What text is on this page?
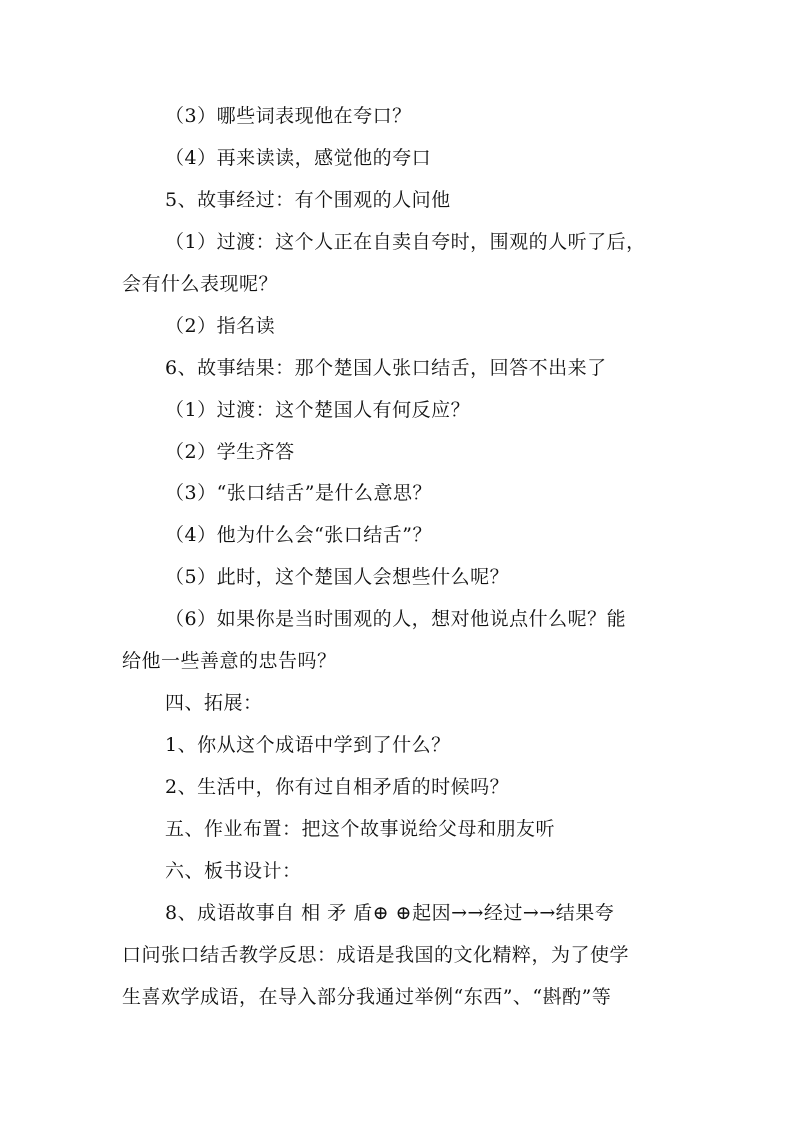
（3）哪些词表现他在夸口？
（4）再来读读，感觉他的夸口
5、故事经过：有个围观的人问他
（1）过渡：这个人正在自卖自夸时，围观的人听了后，
会有什么表现呢？
（2）指名读
6、故事结果：那个楚国人张口结舌，回答不出来了
（1）过渡：这个楚国人有何反应？
（2）学生齐答
（3）“张口结舌”是什么意思？
（4）他为什么会“张口结舌”？
（5）此时，这个楚国人会想些什么呢？
（6）如果你是当时围观的人，想对他说点什么呢？能
给他一些善意的忠告吗？
四、拓展：
1、你从这个成语中学到了什么？
2、生活中，你有过自相矛盾的时候吗？
五、作业布置：把这个故事说给父母和朋友听
六、板书设计：
8、成语故事自 相 矛 盾⊕ ⊕起因→→经过→→结果夸
口问张口结舌教学反思：成语是我国的文化精粹，为了使学
生喜欢学成语，在导入部分我通过举例“东西”、“斟酌”等
